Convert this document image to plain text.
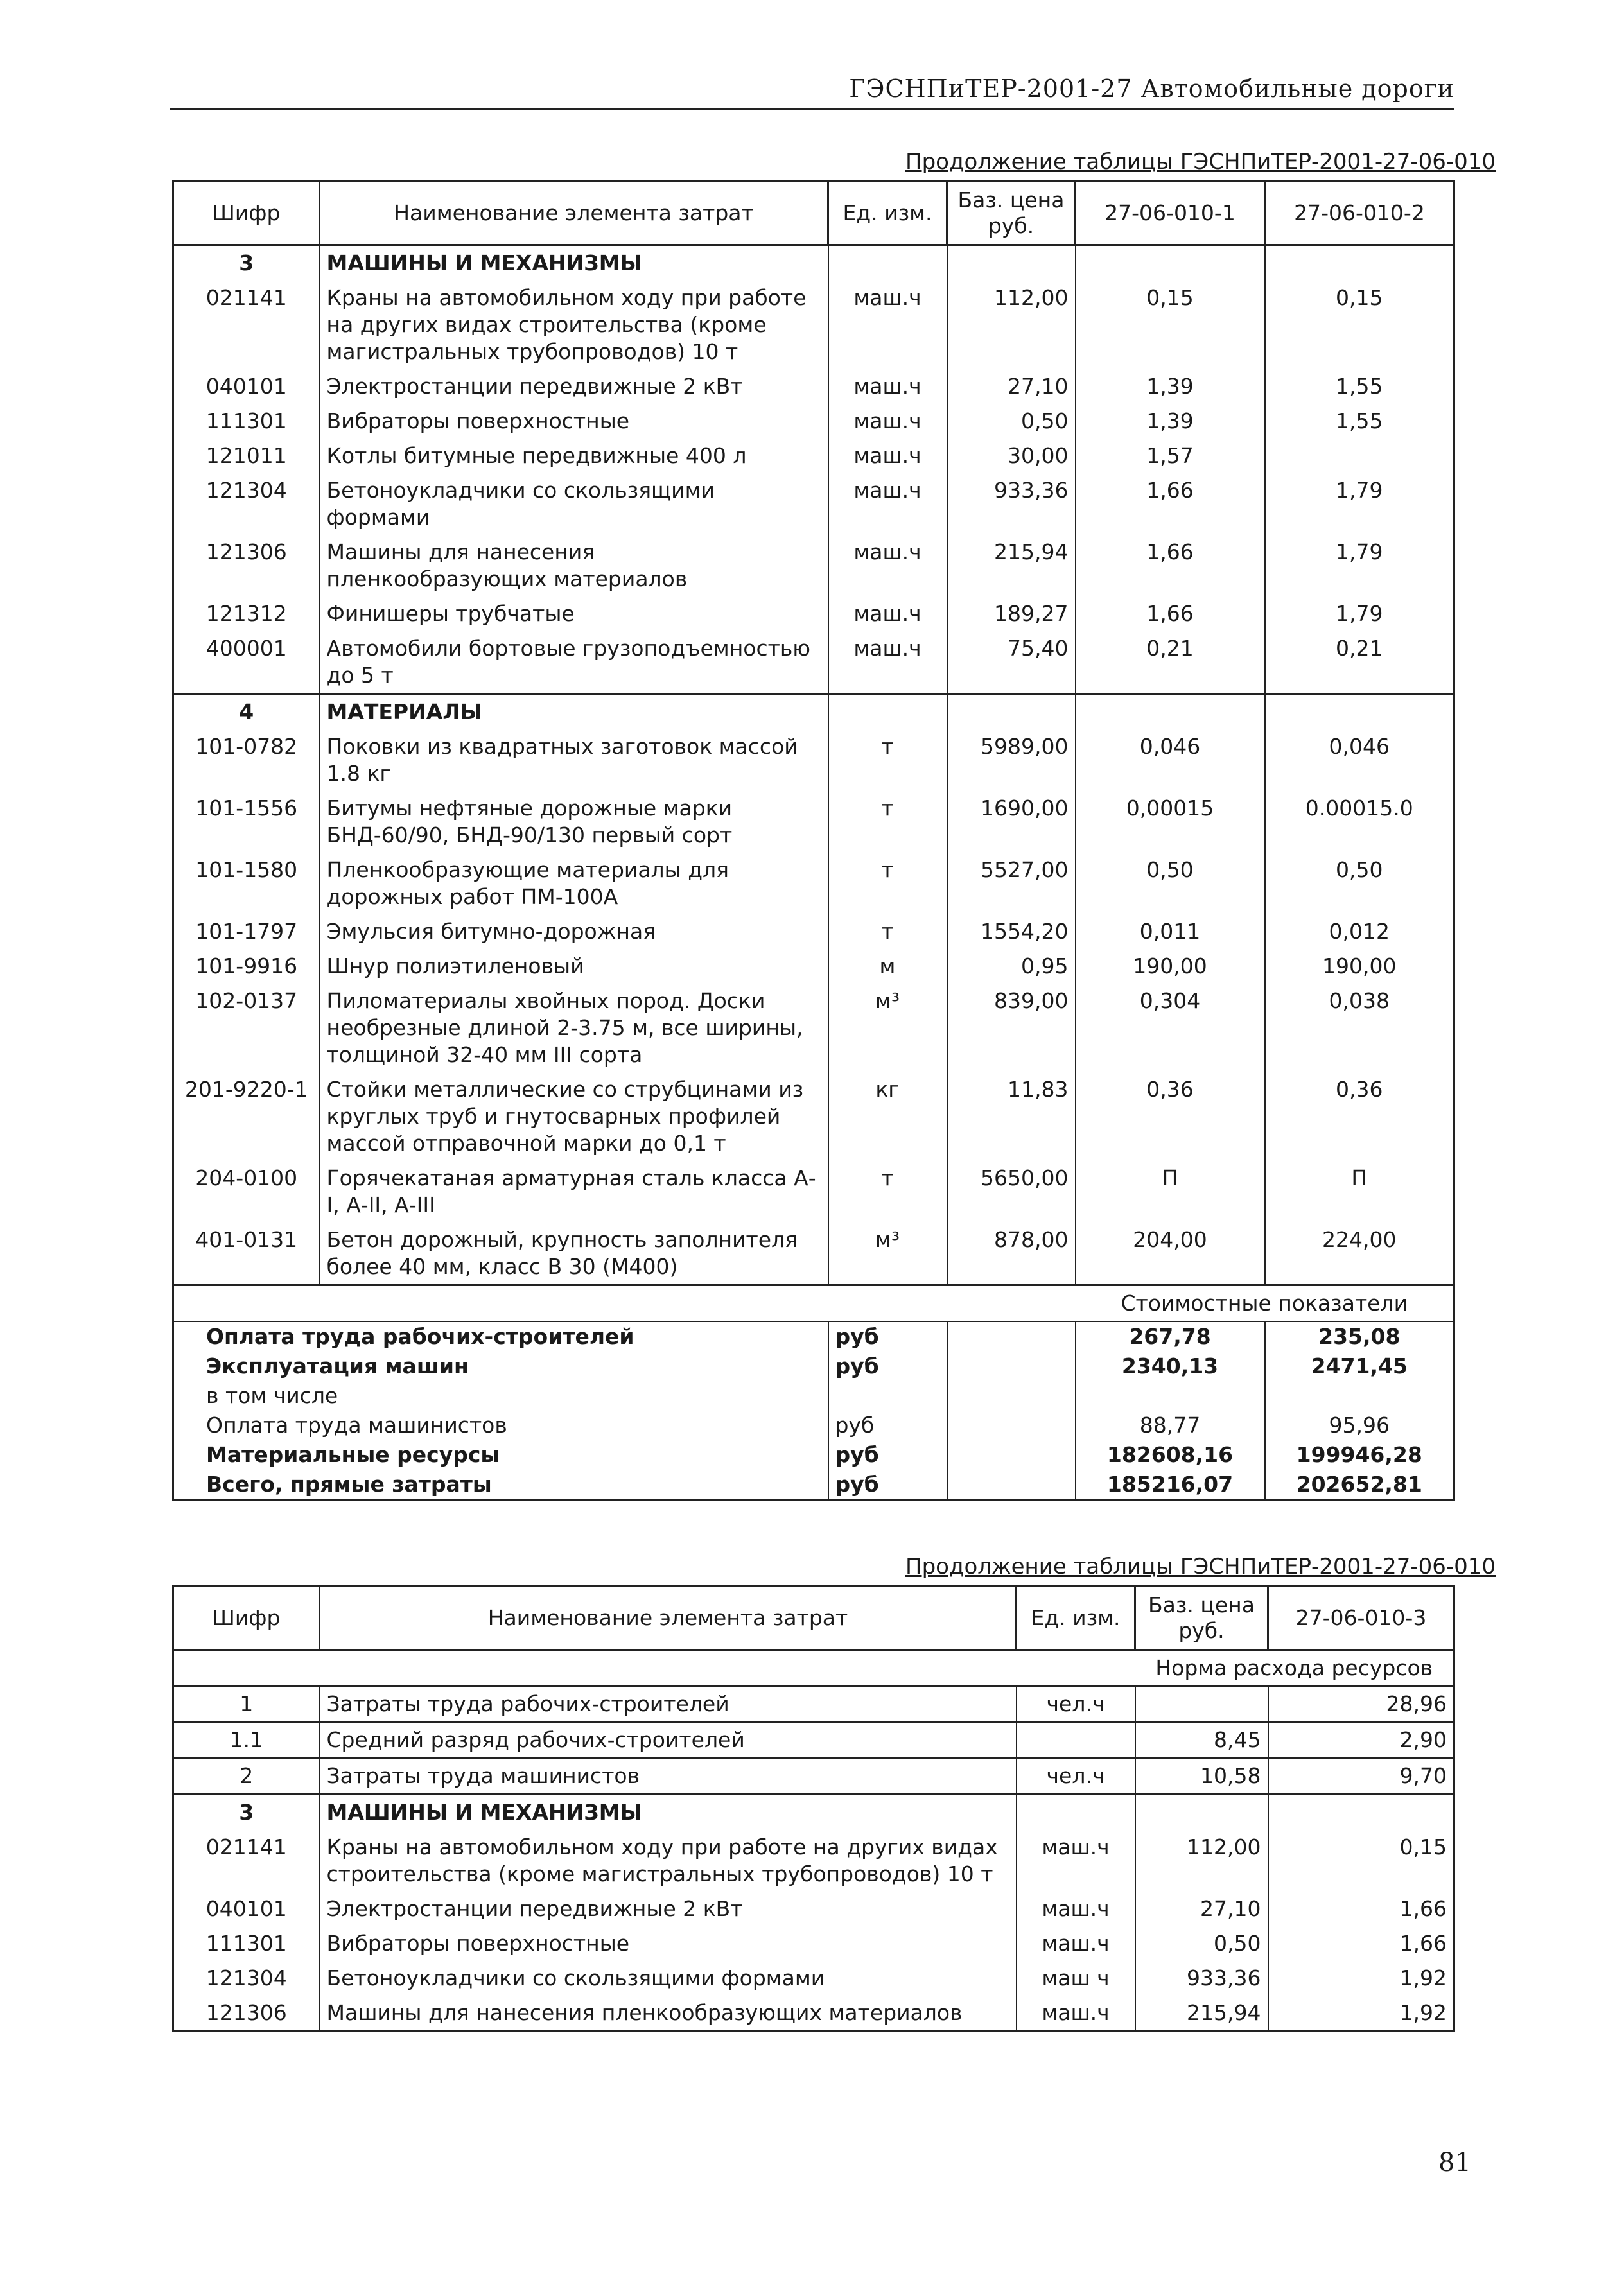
ГЭСНПиТЕР-2001-27 Автомобильные дороги
Продолжение таблицы ГЭСНПиТЕР-2001-27-06-010
Шифр	Наименование элемента затрат	Ед. изм.	Баз. цена руб.	27-06-010-1	27-06-010-2
3	МАШИНЫ И МЕХАНИЗМЫ				
021141	Краны на автомобильном ходу при работе на других видах строительства (кроме магистральных трубопроводов) 10 т	маш.ч	112,00	0,15	0,15
040101	Электростанции передвижные 2 кВт	маш.ч	27,10	1,39	1,55
111301	Вибраторы поверхностные	маш.ч	0,50	1,39	1,55
121011	Котлы битумные передвижные 400 л	маш.ч	30,00	1,57	
121304	Бетоноукладчики со скользящими формами	маш.ч	933,36	1,66	1,79
121306	Машины для нанесения пленкообразующих материалов	маш.ч	215,94	1,66	1,79
121312	Финишеры трубчатые	маш.ч	189,27	1,66	1,79
400001	Автомобили бортовые грузоподъемностью до 5 т	маш.ч	75,40	0,21	0,21
4	МАТЕРИАЛЫ				
101-0782	Поковки из квадратных заготовок массой 1.8 кг	т	5989,00	0,046	0,046
101-1556	Битумы нефтяные дорожные марки БНД-60/90, БНД-90/130 первый сорт	т	1690,00	0,00015	0.00015.0
101-1580	Пленкообразующие материалы для дорожных работ ПМ-100А	т	5527,00	0,50	0,50
101-1797	Эмульсия битумно-дорожная	т	1554,20	0,011	0,012
101-9916	Шнур полиэтиленовый	м	0,95	190,00	190,00
102-0137	Пиломатериалы хвойных пород. Доски необрезные длиной 2-3.75 м, все ширины, толщиной 32-40 мм III сорта	м³	839,00	0,304	0,038
201-9220-1	Стойки металлические со струбцинами из круглых труб и гнутосварных профилей массой отправочной марки до 0,1 т	кг	11,83	0,36	0,36
204-0100	Горячекатаная арматурная сталь класса А-I, А-II, А-III	т	5650,00	П	П
401-0131	Бетон дорожный, крупность заполнителя более 40 мм, класс В 30 (М400)	м³	878,00	204,00	224,00
				Стоимостные показатели	
Оплата труда рабочих-строителей		руб		267,78	235,08
Эксплуатация машин		руб		2340,13	2471,45
в том числе					
Оплата труда машинистов		руб		88,77	95,96
Материальные ресурсы		руб		182608,16	199946,28
Всего, прямые затраты		руб		185216,07	202652,81
Продолжение таблицы ГЭСНПиТЕР-2001-27-06-010
Шифр	Наименование элемента затрат	Ед. изм.	Баз. цена руб.	27-06-010-3
			Норма расхода ресурсов	
1	Затраты труда рабочих-строителей	чел.ч		28,96
1.1	Средний разряд рабочих-строителей		8,45	2,90
2	Затраты труда машинистов	чел.ч	10,58	9,70
3	МАШИНЫ И МЕХАНИЗМЫ			
021141	Краны на автомобильном ходу при работе на других видах строительства (кроме магистральных трубопроводов) 10 т	маш.ч	112,00	0,15
040101	Электростанции передвижные 2 кВт	маш.ч	27,10	1,66
111301	Вибраторы поверхностные	маш.ч	0,50	1,66
121304	Бетоноукладчики со скользящими формами	маш ч	933,36	1,92
121306	Машины для нанесения пленкообразующих материалов	маш.ч	215,94	1,92
81
